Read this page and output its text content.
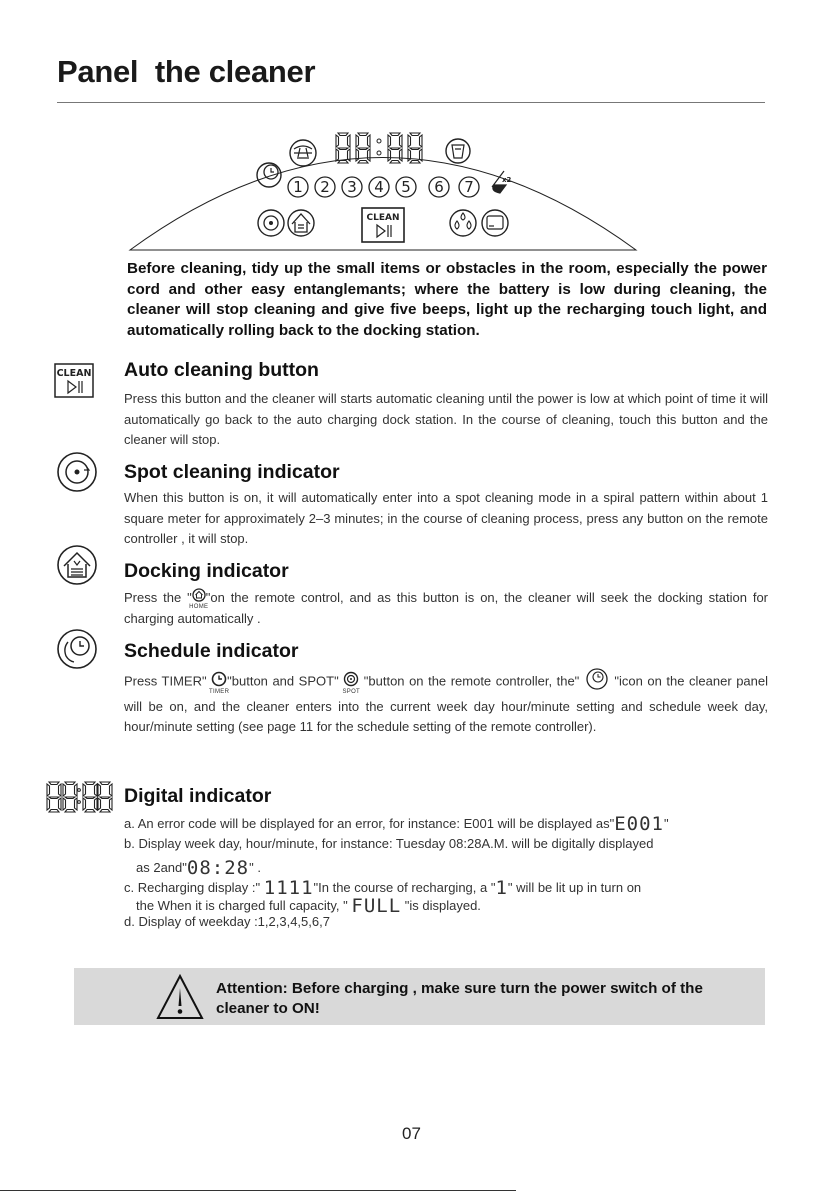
Panel  the cleaner
1 2 3 4 5 6 7	x2
CLEAN
Before cleaning, tidy up the small items or obstacles in the room, especially the power cord and other easy entanglemants; where the battery is low during cleaning, the cleaner will stop cleaning and give five beeps, light up the recharging touch light, and automatically rolling back to the docking station.
CLEAN Auto cleaning button
Press this button and the cleaner will starts automatic cleaning until the power is low at which point of time it will automatically go back to the auto charging dock station. In the course of cleaning, touch this button and the cleaner will stop.
Spot cleaning indicator
When this button is on, it will automatically enter into a spot cleaning mode in a spiral pattern within about 1 square meter for approximately 2–3 minutes; in the course of cleaning process, press any button on the remote controller , it will stop.
Docking indicator
Press the "
HOME
"on the remote control, and as this button is on, the cleaner will seek the docking station for charging automatically .
Schedule indicator
Press TIMER"
TIMER
"button and SPOT"
SPOT
"button on the remote controller, the"  "icon on the cleaner panel will be on, and the cleaner enters into the current week day hour/minute setting and schedule week day, hour/minute setting (see page 11 for the schedule setting of the remote controller).
Digital indicator
a. An error code will be displayed for an error, for instance: E001 will be displayed as"E001"
b. Display week day, hour/minute, for instance: Tuesday 08:28A.M. will be digitally displayed
as 2and"08:28" .
c. Recharging display :" 1111"In the course of recharging, a "1" will be lit up in turn on
the When it is charged full capacity, " FULL "is displayed.
d. Display of weekday :1,2,3,4,5,6,7
Attention: Before charging , make sure turn the power switch of the cleaner to ON!
07
